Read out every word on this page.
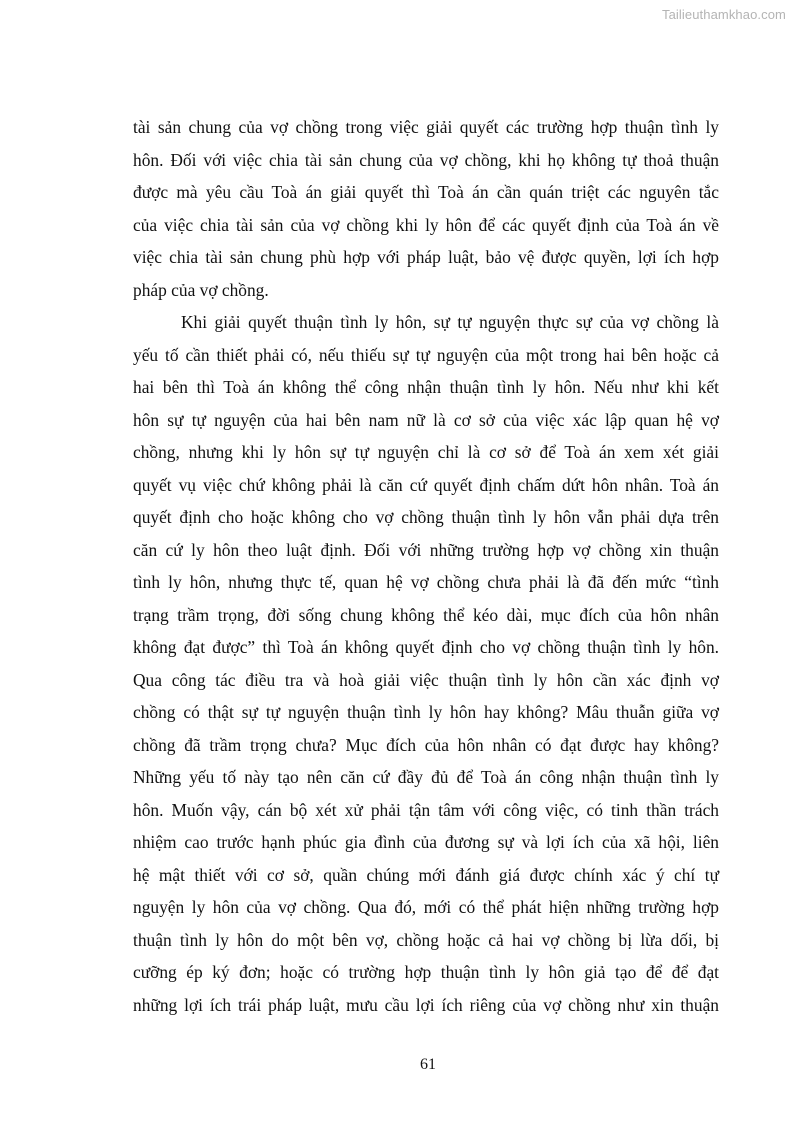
Tailieuthamkhao.com
tài sản chung của vợ chồng trong việc giải quyết các trường hợp thuận tình ly
hôn. Đối với việc chia tài sản chung của vợ chồng, khi họ không tự thoả thuận
được mà yêu cầu Toà án giải quyết thì Toà án cần quán triệt các nguyên tắc
của việc chia tài sản của vợ chồng khi ly hôn để các quyết định của Toà án về
việc chia tài sản chung phù hợp với pháp luật, bảo vệ được quyền, lợi ích hợp
pháp của vợ chồng.
Khi giải quyết thuận tình ly hôn, sự tự nguyện thực sự của vợ chồng là
yếu tố cần thiết phải có, nếu thiếu sự tự nguyện của một trong hai bên hoặc cả
hai bên thì Toà án không thể công nhận thuận tình ly hôn. Nếu như khi kết
hôn sự tự nguyện của hai bên nam nữ là cơ sở của việc xác lập quan hệ vợ
chồng, nhưng khi ly hôn sự tự nguyện chỉ là cơ sở để Toà án xem xét giải
quyết vụ việc chứ không phải là căn cứ quyết định chấm dứt hôn nhân. Toà án
quyết định cho hoặc không cho vợ chồng thuận tình ly hôn vẫn phải dựa trên
căn cứ ly hôn theo luật định. Đối với những trường hợp vợ chồng xin thuận
tình ly hôn, nhưng thực tế, quan hệ vợ chồng chưa phải là đã đến mức “tình
trạng trầm trọng, đời sống chung không thể kéo dài, mục đích của hôn nhân
không đạt được” thì Toà án không quyết định cho vợ chồng thuận tình ly hôn.
Qua công tác điều tra và hoà giải việc thuận tình ly hôn cần xác định vợ
chồng có thật sự tự nguyện thuận tình ly hôn hay không? Mâu thuẫn giữa vợ
chồng đã trầm trọng chưa? Mục đích của hôn nhân có đạt được hay không?
Những yếu tố này tạo nên căn cứ đầy đủ để Toà án công nhận thuận tình ly
hôn. Muốn vậy, cán bộ xét xử phải tận tâm với công việc, có tinh thần trách
nhiệm cao trước hạnh phúc gia đình của đương sự và lợi ích của xã hội, liên
hệ mật thiết với cơ sở, quần chúng mới đánh giá được chính xác ý chí tự
nguyện ly hôn của vợ chồng. Qua đó, mới có thể phát hiện những trường hợp
thuận tình ly hôn do một bên vợ, chồng hoặc cả hai vợ chồng bị lừa dối, bị
cưỡng ép ký đơn; hoặc có trường hợp thuận tình ly hôn giả tạo để để đạt
những lợi ích trái pháp luật, mưu cầu lợi ích riêng của vợ chồng như xin thuận
61
